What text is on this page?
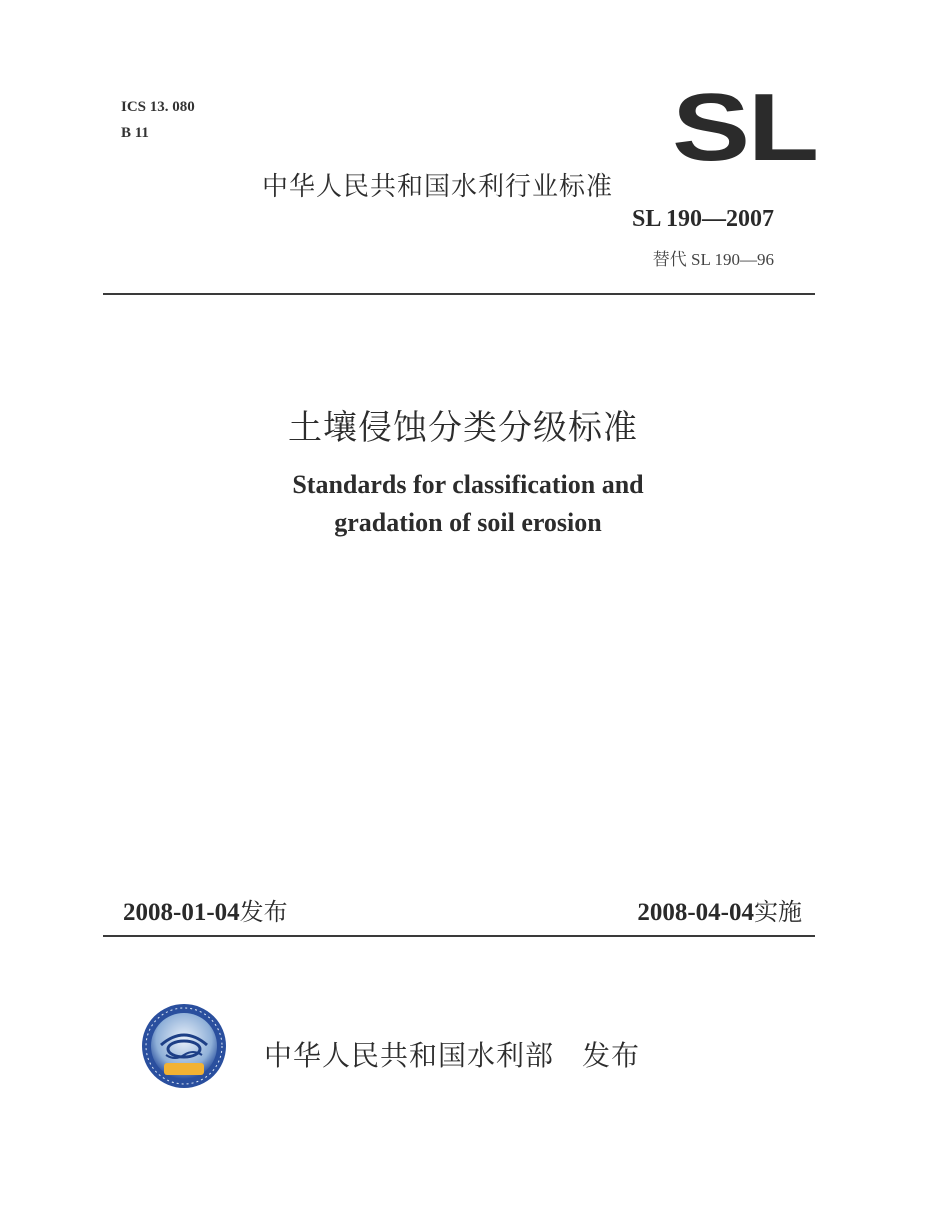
ICS 13. 080
B 11	SL
中华人民共和国水利行业标准
SL 190—2007
替代 SL 190—96
土壤侵蚀分类分级标准
Standards for classification and
gradation of soil erosion
2008-01-04发布	2008-04-04实施
中华人民共和国水利部 发布
